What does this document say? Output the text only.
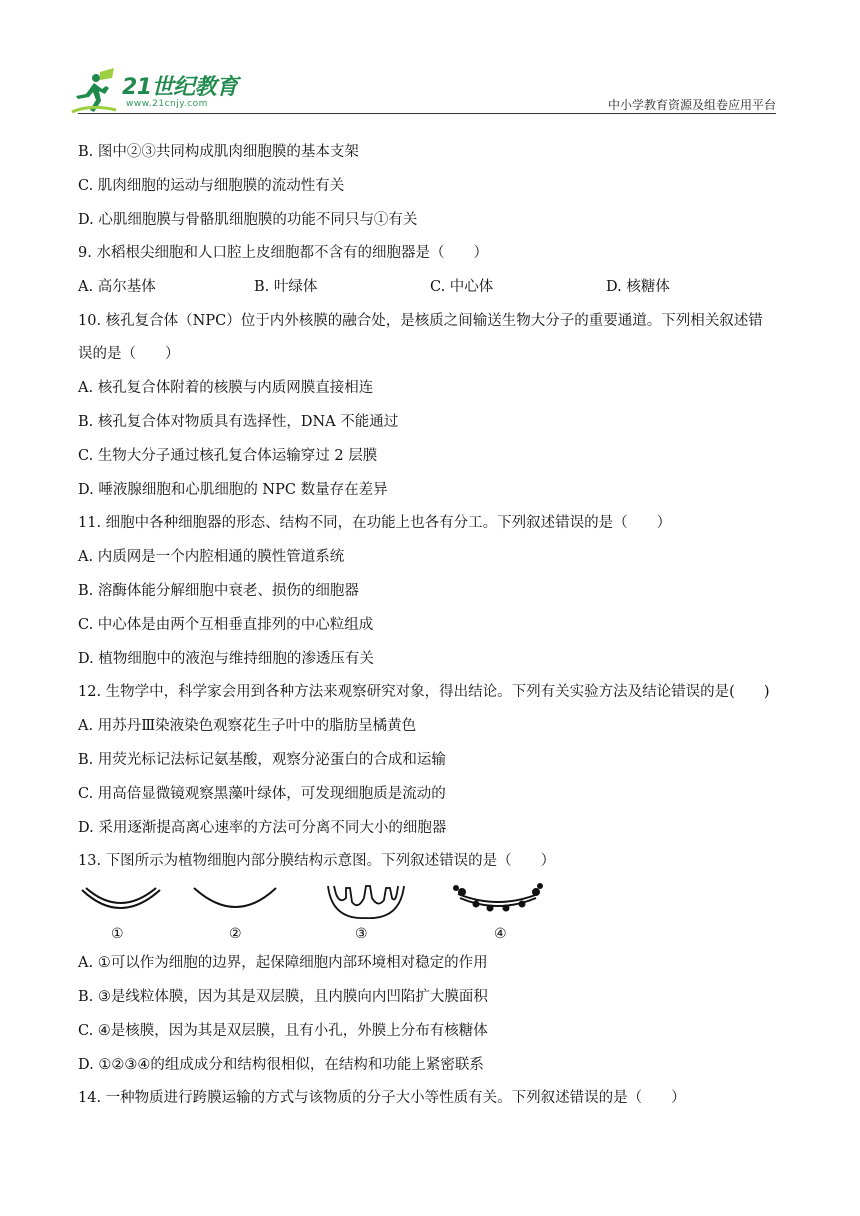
21世纪教育
www.21cnjy.com	中小学教育资源及组卷应用平台
B. 图中②③共同构成肌肉细胞膜的基本支架
C. 肌肉细胞的运动与细胞膜的流动性有关
D. 心肌细胞膜与骨骼肌细胞膜的功能不同只与①有关
9. 水稻根尖细胞和人口腔上皮细胞都不含有的细胞器是（　　）
A. 高尔基体	B. 叶绿体	C. 中心体	D. 核糖体
10. 核孔复合体（NPC）位于内外核膜的融合处，是核质之间输送生物大分子的重要通道。下列相关叙述错
误的是（　　）
A. 核孔复合体附着的核膜与内质网膜直接相连
B. 核孔复合体对物质具有选择性，DNA 不能通过
C. 生物大分子通过核孔复合体运输穿过 2 层膜
D. 唾液腺细胞和心肌细胞的 NPC 数量存在差异
11. 细胞中各种细胞器的形态、结构不同，在功能上也各有分工。下列叙述错误的是（　　）
A. 内质网是一个内腔相通的膜性管道系统
B. 溶酶体能分解细胞中衰老、损伤的细胞器
C. 中心体是由两个互相垂直排列的中心粒组成
D. 植物细胞中的液泡与维持细胞的渗透压有关
12. 生物学中，科学家会用到各种方法来观察研究对象，得出结论。下列有关实验方法及结论错误的是(　　)
A. 用苏丹Ⅲ染液染色观察花生子叶中的脂肪呈橘黄色
B. 用荧光标记法标记氨基酸，观察分泌蛋白的合成和运输
C. 用高倍显微镜观察黑藻叶绿体，可发现细胞质是流动的
D. 采用逐渐提高离心速率的方法可分离不同大小的细胞器
13. 下图所示为植物细胞内部分膜结构示意图。下列叙述错误的是（　　）
①	②	③	④
A. ①可以作为细胞的边界，起保障细胞内部环境相对稳定的作用
B. ③是线粒体膜，因为其是双层膜，且内膜向内凹陷扩大膜面积
C. ④是核膜，因为其是双层膜，且有小孔，外膜上分布有核糖体
D. ①②③④的组成成分和结构很相似，在结构和功能上紧密联系
14. 一种物质进行跨膜运输的方式与该物质的分子大小等性质有关。下列叙述错误的是（　　）
